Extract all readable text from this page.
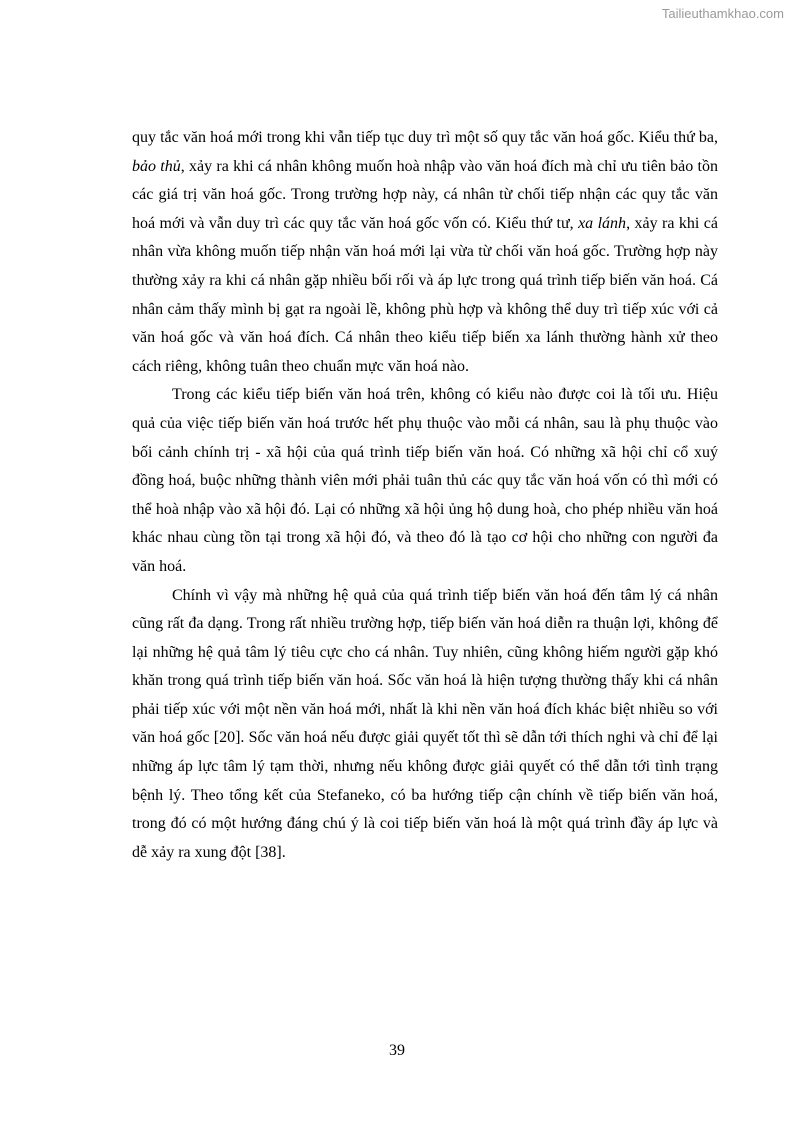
Tailieuthamkhao.com

quy tắc văn hoá mới trong khi vẫn tiếp tục duy trì một số quy tắc văn hoá gốc. Kiểu thứ ba, bảo thủ, xảy ra khi cá nhân không muốn hoà nhập vào văn hoá đích mà chỉ ưu tiên bảo tồn các giá trị văn hoá gốc. Trong trường hợp này, cá nhân từ chối tiếp nhận các quy tắc văn hoá mới và vẫn duy trì các quy tắc văn hoá gốc vốn có. Kiểu thứ tư, xa lánh, xảy ra khi cá nhân vừa không muốn tiếp nhận văn hoá mới lại vừa từ chối văn hoá gốc. Trường hợp này thường xảy ra khi cá nhân gặp nhiều bối rối và áp lực trong quá trình tiếp biến văn hoá. Cá nhân cảm thấy mình bị gạt ra ngoài lề, không phù hợp và không thể duy trì tiếp xúc với cả văn hoá gốc và văn hoá đích. Cá nhân theo kiểu tiếp biến xa lánh thường hành xử theo cách riêng, không tuân theo chuẩn mực văn hoá nào.

Trong các kiểu tiếp biến văn hoá trên, không có kiểu nào được coi là tối ưu. Hiệu quả của việc tiếp biến văn hoá trước hết phụ thuộc vào mỗi cá nhân, sau là phụ thuộc vào bối cảnh chính trị - xã hội của quá trình tiếp biến văn hoá. Có những xã hội chỉ cổ xuý đồng hoá, buộc những thành viên mới phải tuân thủ các quy tắc văn hoá vốn có thì mới có thể hoà nhập vào xã hội đó. Lại có những xã hội ủng hộ dung hoà, cho phép nhiều văn hoá khác nhau cùng tồn tại trong xã hội đó, và theo đó là tạo cơ hội cho những con người đa văn hoá.

Chính vì vậy mà những hệ quả của quá trình tiếp biến văn hoá đến tâm lý cá nhân cũng rất đa dạng. Trong rất nhiều trường hợp, tiếp biến văn hoá diễn ra thuận lợi, không để lại những hệ quả tâm lý tiêu cực cho cá nhân. Tuy nhiên, cũng không hiếm người gặp khó khăn trong quá trình tiếp biến văn hoá. Sốc văn hoá là hiện tượng thường thấy khi cá nhân phải tiếp xúc với một nền văn hoá mới, nhất là khi nền văn hoá đích khác biệt nhiều so với văn hoá gốc [20]. Sốc văn hoá nếu được giải quyết tốt thì sẽ dẫn tới thích nghi và chỉ để lại những áp lực tâm lý tạm thời, nhưng nếu không được giải quyết có thể dẫn tới tình trạng bệnh lý. Theo tổng kết của Stefaneko, có ba hướng tiếp cận chính về tiếp biến văn hoá, trong đó có một hướng đáng chú ý là coi tiếp biến văn hoá là một quá trình đầy áp lực và dễ xảy ra xung đột [38].

39
